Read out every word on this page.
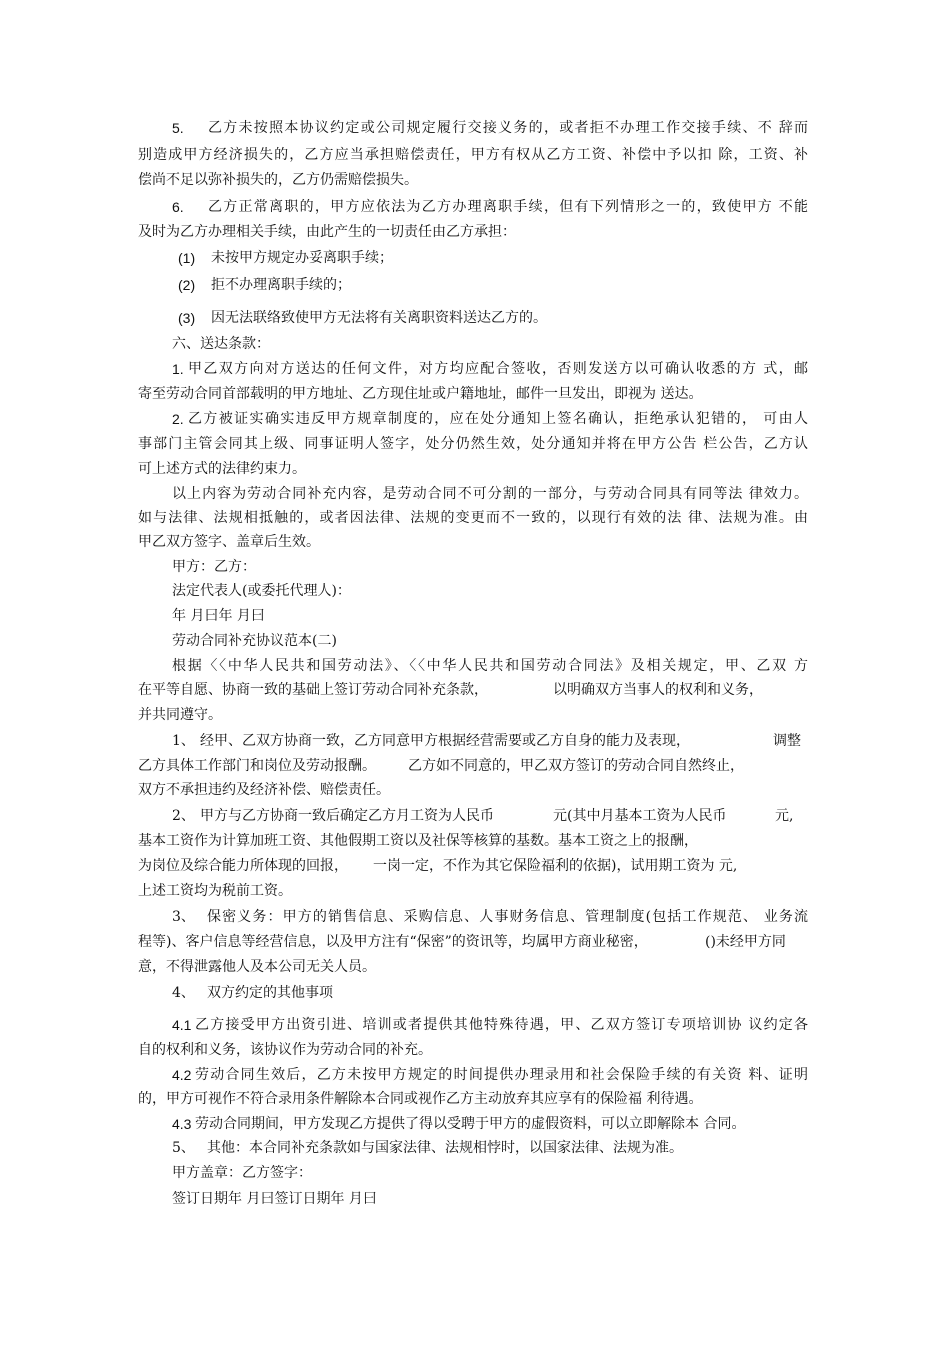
5. 乙方未按照本协议约定或公司规定履行交接义务的，或者拒不办理工作交接手续、不 辞而
别造成甲方经济损失的，乙方应当承担赔偿责任，甲方有权从乙方工资、补偿中予以扣 除，工资、补
偿尚不足以弥补损失的，乙方仍需赔偿损失。
6. 乙方正常离职的，甲方应依法为乙方办理离职手续，但有下列情形之一的，致使甲方 不能
及时为乙方办理相关手续，由此产生的一切责任由乙方承担：
(1) 未按甲方规定办妥离职手续；
(2) 拒不办理离职手续的；
(3) 因无法联络致使甲方无法将有关离职资料送达乙方的。
六、送达条款：
1. 甲乙双方向对方送达的任何文件，对方均应配合签收，否则发送方以可确认收悉的方 式，邮
寄至劳动合同首部载明的甲方地址、乙方现住址或户籍地址，邮件一旦发出，即视为 送达。
2. 乙方被证实确实违反甲方规章制度的，应在处分通知上签名确认，拒绝承认犯错的， 可由人
事部门主管会同其上级、同事证明人签字，处分仍然生效，处分通知并将在甲方公告 栏公告，乙方认
可上述方式的法律约束力。
以上内容为劳动合同补充内容，是劳动合同不可分割的一部分，与劳动合同具有同等法 律效力。
如与法律、法规相抵触的，或者因法律、法规的变更而不一致的，以现行有效的法 律、法规为准。由
甲乙双方签字、盖章后生效。
甲方：乙方：
法定代表人(或委托代理人)：
年 月曰年 月曰
劳动合同补充协议范本(二)
根据〈〈中华人民共和国劳动法》、〈〈中华人民共和国劳动合同法》及相关规定，甲、乙双 方
在平等自愿、协商一致的基础上签订劳动合同补充条款，	以明确双方当事人的权利和义务，
并共同遵守。
1、 经甲、乙双方协商一致，乙方同意甲方根据经营需要或乙方自身的能力及表现，	调整
乙方具体工作部门和岗位及劳动报酬。 乙方如不同意的，甲乙双方签订的劳动合同自然终止，
双方不承担违约及经济补偿、赔偿责任。
2、 甲方与乙方协商一致后确定乙方月工资为人民币	元(其中月基本工资为人民币	元,
基本工资作为计算加班工资、其他假期工资以及社保等核算的基数。基本工资之上的报酬，
为岗位及综合能力所体现的回报， 一岗一定，不作为其它保险福利的依据)，试用期工资为 元,
上述工资均为税前工资。
3、 保密义务：甲方的销售信息、采购信息、人事财务信息、管理制度(包括工作规范、 业务流
程等)、客户信息等经营信息，以及甲方注有“保密”的资讯等，均属甲方商业秘密，	()未经甲方同
意，不得泄露他人及本公司无关人员。
4、 双方约定的其他事项
4.1 乙方接受甲方出资引进、培训或者提供其他特殊待遇，甲、乙双方签订专项培训协 议约定各
自的权利和义务，该协议作为劳动合同的补充。
4.2 劳动合同生效后，乙方未按甲方规定的时间提供办理录用和社会保险手续的有关资 料、证明
的，甲方可视作不符合录用条件解除本合同或视作乙方主动放弃其应享有的保险福 利待遇。
4.3 劳动合同期间，甲方发现乙方提供了得以受聘于甲方的虚假资料，可以立即解除本 合同。
5、 其他：本合同补充条款如与国家法律、法规相悖时，以国家法律、法规为准。
甲方盖章：乙方签字：
签订日期年 月曰签订日期年 月曰
